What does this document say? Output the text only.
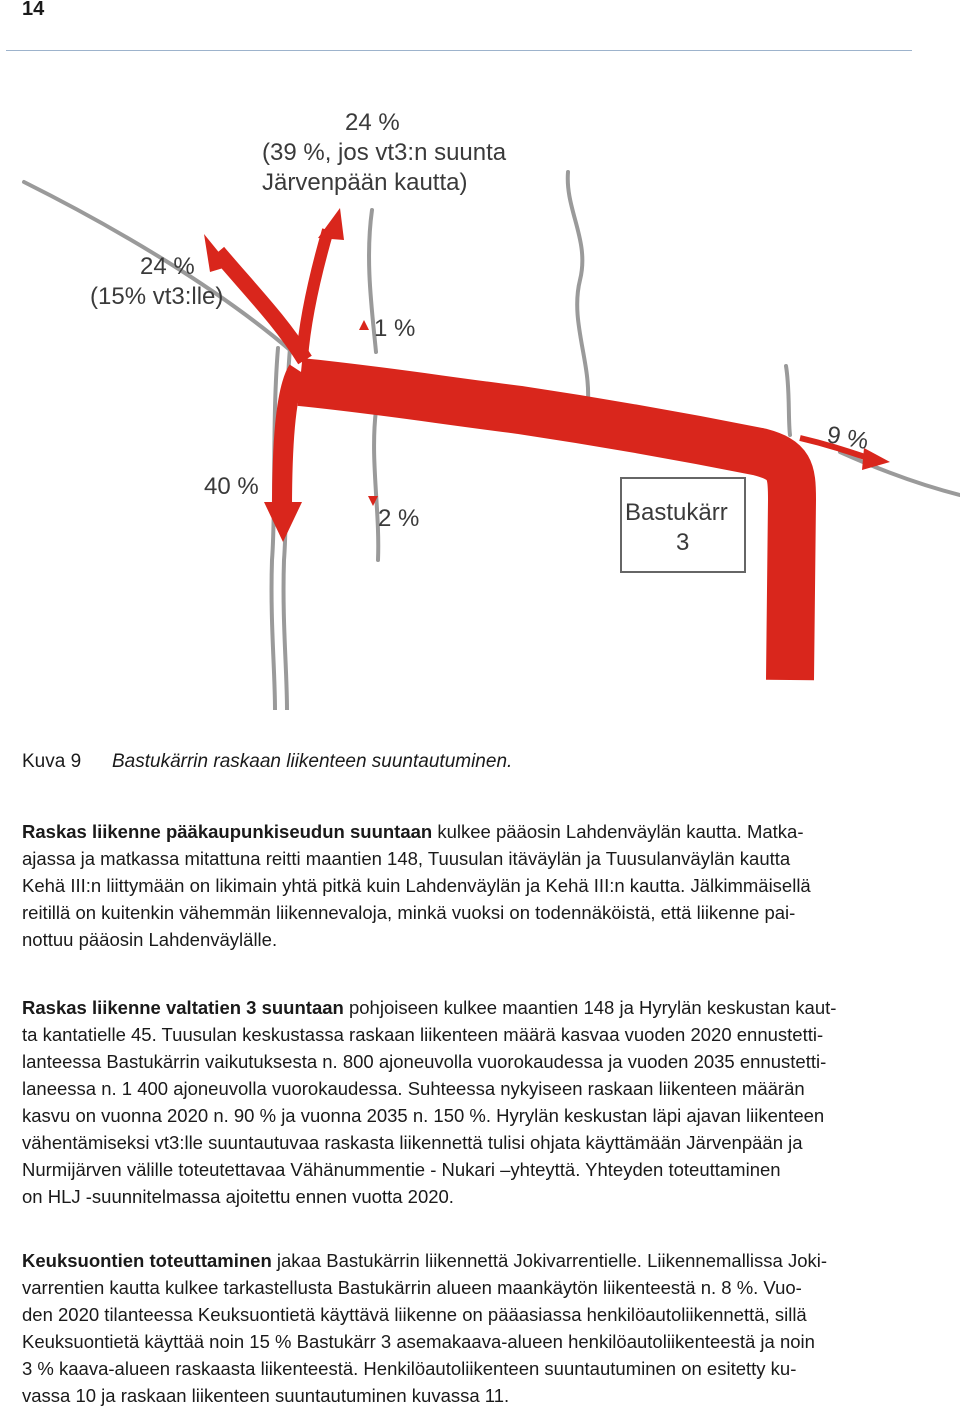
14
24 %
(39 %, jos vt3:n suunta
Järvenpään kautta)
24 %
(15% vt3:lle)
1 %
9 %
40 %
2 %	Bastukärr
3
Kuva 9 Bastukärrin raskaan liikenteen suuntautuminen.
Raskas liikenne pääkaupunkiseudun suuntaan kulkee pääosin Lahdenväylän kautta. Matka-
ajassa ja matkassa mitattuna reitti maantien 148, Tuusulan itäväylän ja Tuusulanväylän kautta
Kehä III:n liittymään on likimain yhtä pitkä kuin Lahdenväylän ja Kehä III:n kautta. Jälkimmäisellä
reitillä on kuitenkin vähemmän liikennevaloja, minkä vuoksi on todennäköistä, että liikenne pai-
nottuu pääosin Lahdenväylälle.
Raskas liikenne valtatien 3 suuntaan pohjoiseen kulkee maantien 148 ja Hyrylän keskustan kaut-
ta kantatielle 45. Tuusulan keskustassa raskaan liikenteen määrä kasvaa vuoden 2020 ennustetti-
lanteessa Bastukärrin vaikutuksesta n. 800 ajoneuvolla vuorokaudessa ja vuoden 2035 ennustetti-
laneessa n. 1 400 ajoneuvolla vuorokaudessa. Suhteessa nykyiseen raskaan liikenteen määrän
kasvu on vuonna 2020 n. 90 % ja vuonna 2035 n. 150 %. Hyrylän keskustan läpi ajavan liikenteen
vähentämiseksi vt3:lle suuntautuvaa raskasta liikennettä tulisi ohjata käyttämään Järvenpään ja
Nurmijärven välille toteutettavaa Vähänummentie - Nukari –yhteyttä. Yhteyden toteuttaminen
on HLJ -suunnitelmassa ajoitettu ennen vuotta 2020.
Keuksuontien toteuttaminen jakaa Bastukärrin liikennettä Jokivarrentielle. Liikennemallissa Joki-
varrentien kautta kulkee tarkastellusta Bastukärrin alueen maankäytön liikenteestä n. 8 %. Vuo-
den 2020 tilanteessa Keuksuontietä käyttävä liikenne on pääasiassa henkilöautoliikennettä, sillä
Keuksuontietä käyttää noin 15 % Bastukärr 3 asemakaava-alueen henkilöautoliikenteestä ja noin
3 % kaava-alueen raskaasta liikenteestä. Henkilöautoliikenteen suuntautuminen on esitetty ku-
vassa 10 ja raskaan liikenteen suuntautuminen kuvassa 11.
